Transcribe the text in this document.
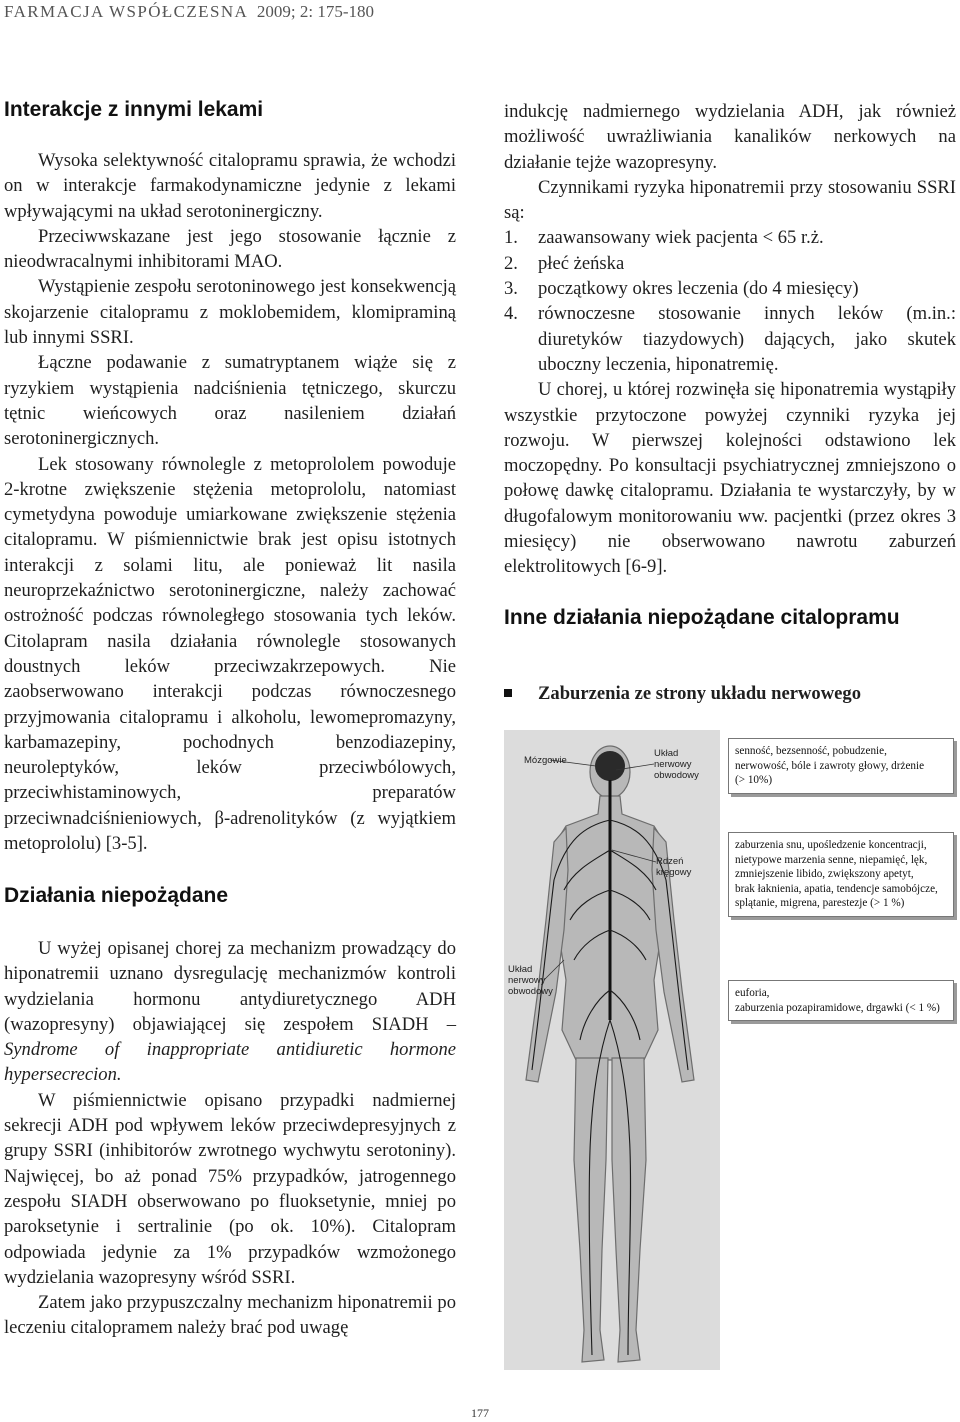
FARMACJA WSPÓŁCZESNA 2009; 2: 175-180
Interakcje z innymi lekami

Wysoka selektywność citalopramu sprawia, że wchodzi on w interakcje farmakodynamiczne jedynie z lekami wpływającymi na układ serotoninergiczny.

Przeciwwskazane jest jego stosowanie łącznie z nieodwracalnymi inhibitorami MAO.

Wystąpienie zespołu serotoninowego jest konsekwencją skojarzenie citalopramu z moklobemidem, klomipraminą lub innymi SSRI.

Łączne podawanie z sumatryptanem wiąże się z ryzykiem wystąpienia nadciśnienia tętniczego, skurczu tętnic wieńcowych oraz nasileniem działań serotoninergicznych.

Lek stosowany równolegle z metoprololem powoduje 2-krotne zwiększenie stężenia metoprololu, natomiast cymetydyna powoduje umiarkowane zwiększenie stężenia citalopramu. W piśmiennictwie brak jest opisu istotnych interakcji z solami litu, ale ponieważ lit nasila neuroprzekaźnictwo serotoninergiczne, należy zachować ostrożność podczas równoległego stosowania tych leków. Citolapram nasila działania równolegle stosowanych doustnych leków przeciwzakrzepowych. Nie zaobserwowano interakcji podczas równoczesnego przyjmowania citalopramu i alkoholu, lewomepromazyny, karbamazepiny, pochodnych benzodiazepiny, neuroleptyków, leków przeciwbólowych, przeciwhistaminowych, preparatów przeciwnadciśnieniowych, β-adrenolityków (z wyjątkiem metoprololu) [3-5].

Działania niepożądane

U wyżej opisanej chorej za mechanizm prowadzący do hiponatremii uznano dysregulację mechanizmów kontroli wydzielania hormonu antydiuretycznego ADH (wazopresyny) objawiającej się zespołem SIADH – Syndrome of inappropriate antidiuretic hormone hypersecrecion.

W piśmiennictwie opisano przypadki nadmiernej sekrecji ADH pod wpływem leków przeciwdepresyjnych z grupy SSRI (inhibitorów zwrotnego wychwytu serotoniny). Najwięcej, bo aż ponad 75% przypadków, jatrogennego zespołu SIADH obserwowano po fluoksetynie, mniej po paroksetynie i sertralinie (po ok. 10%). Citalopram odpowiada jedynie za 1% przypadków wzmożonego wydzielania wazopresyny wśród SSRI.

Zatem jako przypuszczalny mechanizm hiponatremii po leczeniu citalopramem należy brać pod uwagę

indukcję nadmiernego wydzielania ADH, jak również możliwość uwrażliwiania kanalików nerkowych na działanie tejże wazopresyny.

Czynnikami ryzyka hiponatremii przy stosowaniu SSRI są:

1. zaawansowany wiek pacjenta < 65 r.ż.
2. płeć żeńska
3. początkowy okres leczenia (do 4 miesięcy)
4. równoczesne stosowanie innych leków (m.in.: diuretyków tiazydowych) dających, jako skutek uboczny leczenia, hiponatremię.

U chorej, u której rozwinęła się hiponatremia wystąpiły wszystkie przytoczone powyżej czynniki ryzyka jej rozwoju. W pierwszej kolejności odstawiono lek moczopędny. Po konsultacji psychiatrycznej zmniejszono o połowę dawkę citalopramu. Działania te wystarczyły, by w długofalowym monitorowaniu ww. pacjentki (przez okres 3 miesięcy) nie obserwowano nawrotu zaburzeń elektrolitowych [6-9].

Inne działania niepożądane citalopramu
Zaburzenia ze strony układu nerwowego
Mózgowie
Układ nerwowy obwodowy
Rdzeń kręgowy
Układ nerwowy obwodowy
senność, bezsenność, pobudzenie,
nerwowość, bóle i zawroty głowy, drżenie
(> 10%)
zaburzenia snu, upośledzenie koncentracji,
nietypowe marzenia senne, niepamięć, lęk,
zmniejszenie libido, zwiększony apetyt,
brak łaknienia, apatia, tendencje samobójcze,
splątanie, migrena, parestezje (> 1 %)
euforia,
zaburzenia pozapiramidowe, drgawki (< 1 %)
177
